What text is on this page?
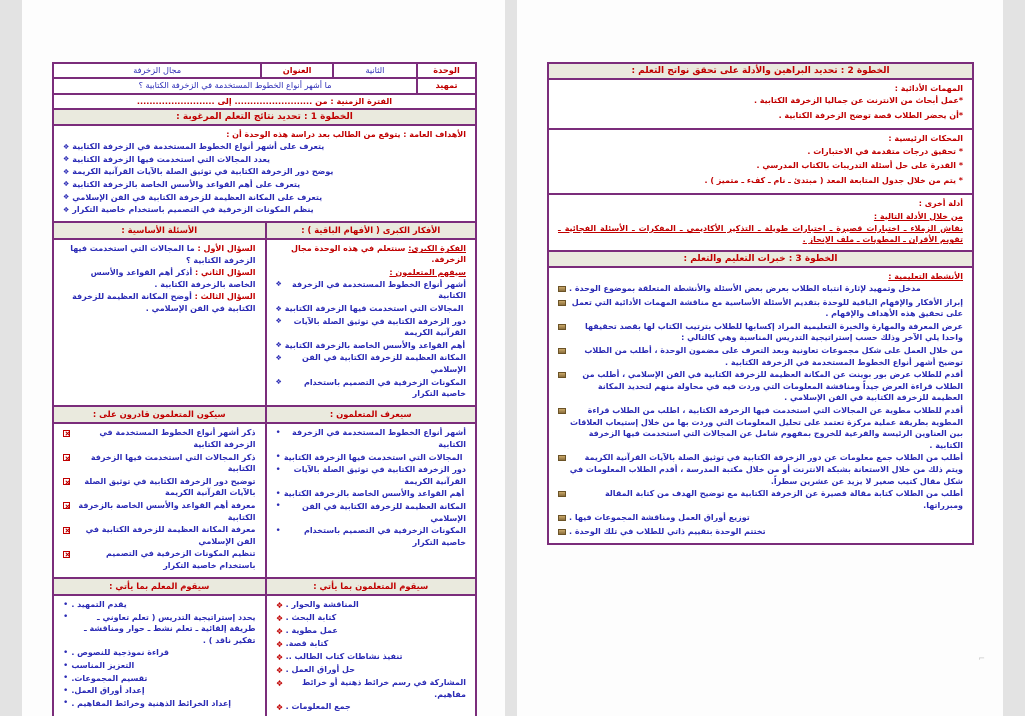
الوحدة
الثانية
العنوان
مجال الزخرفة
تمهيد
ما أشهر أنواع الخطوط المستخدمة في الزخرفة الكتابية ؟
الفترة الزمنية : من ......................... إلى .........................
الخطوة 1 : تحديد نتائج التعلم المرغوبة :
الأهداف العامة : يتوقع من الطالب بعد دراسة هذه الوحدة أن :
يتعرف على أشهر أنواع الخطوط المستخدمة في الزخرفة الكتابية
❖
يعدد المجالات التي استخدمت فيها الزخرفة الكتابية
❖
يوضح دور الزخرفة الكتابية في توثيق الصلة بالآيات القرآنية الكريمة
❖
يتعرف على أهم القواعد والأسس الخاصة بالزخرفة الكتابية
❖
يتعرف على المكانة العظيمة للزخرفة الكتابية في الفن الإسلامي
❖
ينظم المكونات الزخرفية في التصميم باستخدام خاصية التكرار
❖
الأفكار الكبرى ( الأفهام الباقية ) :
الأسئلة الأساسية :
الفكرة الكبرى: سنتعلم في هذه الوحدة مجال الزخرفة.
سيفهم المتعلمون :
أشهر أنواع الخطوط المستخدمة في الزخرفة الكتابية
❖
المجالات التي استخدمت فيها الزخرفة الكتابية
❖
دور الزخرفة الكتابية في توثيق الصلة بالآيات القرآنية الكريمة
❖
أهم القواعد والأسس الخاصة بالزخرفة الكتابية
❖
المكانة العظيمة للزخرفة الكتابية في الفن الإسلامي
❖
المكونات الزخرفية في التصميم باستخدام خاصية التكرار
❖
السؤال الأول : ما المجالات التي استخدمت فيها الزخرفة الكتابية ؟
السؤال الثاني : أذكر أهم القواعد والأسس الخاصة بالزخرفة الكتابية .
السؤال الثالث : أوضح المكانة العظيمة للزخرفة الكتابية في الفن الإسلامي .
سيعرف المتعلمون :
سيكون المتعلمون قادرون على :
أشهر أنواع الخطوط المستخدمة في الزخرفة الكتابية
•
المجالات التي استخدمت فيها الزخرفة الكتابية
•
دور الزخرفة الكتابية في توثيق الصلة بالآيات القرآنية الكريمة
•
أهم القواعد والأسس الخاصة بالزخرفة الكتابية
•
المكانة العظيمة للزخرفة الكتابية في الفن الإسلامي
•
المكونات الزخرفية في التصميم باستخدام خاصية التكرار
•
ذكر أشهر أنواع الخطوط المستخدمة في الزخرفة الكتابية
ذكر المجالات التي استخدمت فيها الزخرفة الكتابية
توضيح دور الزخرفة الكتابية في توثيق الصلة بالآيات القرآنية الكريمة
معرفة أهم القواعد والأسس الخاصة بالزخرفة الكتابية
معرفة المكانة العظيمة للزخرفة الكتابية في الفن الإسلامي
تنظيم المكونات الزخرفية في التصميم باستخدام خاصية التكرار
سيقوم المتعلمون بما يأتي :
سيقوم المعلم بما يأتي :
المناقشة والحوار .
❖
كتابة البحث .
❖
عمل مطوية .
❖
كتابة قصة.
❖
تنفيذ نشاطات كتاب الطالب ..
❖
حل أوراق العمل .
❖
المشاركة في رسم خرائط ذهنية أو خرائط مفاهيم.
❖
جمع المعلومات .
❖
يقدم التمهيد .
•
يحدد إستراتيجية التدريس ( تعلم تعاوني ـ طريقة إلقائية ـ تعلم نشط ـ حوار ومناقشة ـ تفكير ناقد ) .
•
قراءة نموذجية للنصوص .
•
التعزيز المناسب
•
تقسيم المجموعات.
•
إعداد أوراق العمل.
•
إعداد الخرائط الذهنية وخرائط المفاهيم .
•
الخطوة 2 : تحديد البراهين والأدلة على تحقق نواتج التعلم :
المهمات الأدائية :
*عمل أبحاث من الانترنت عن جماليا الزخرفة الكتابية .
*أن يحضر الطلاب قصة توضح الزخرفة الكتابية .
المحكات الرئيسية :
* تحقيق درجات متقدمة في الاختبارات .
* القدرة على حل أسئلة التدريبات بالكتاب المدرسي .
* يتم من خلال جدول المتابعة المعد ( مبتدئ ـ نام ـ كفء ـ متميز ) .
أدلة أخرى :
من خلال الأدلة التالية :
نقاش الزملاء ـ اختبارات قصيرة ـ اختبارات طويلة ـ التذكير الأكاديمي ـ المفكرات ـ الأسئلة الفجائية ـ تقويم الأقران ـ المطويات ـ ملف الإنجاز .
الخطوة 3 : خبرات التعليم والتعلم :
الأنشطة التعليمية :
مدخل وتمهيد لإثارة انتباه الطلاب بعرض بعض الأسئلة والأنشطة المتعلقة بموضوع الوحدة .
إبراز الأفكار والإفهام الباقية للوحدة بتقديم الأسئلة الأساسية مع مناقشة المهمات الأدائية التي تعمل على تحقيق هذه الأهداف والإفهام .
عرض المعرفة والمهارة والخبرة التعليمية المراد إكسابها للطلاب بترتيب الكتاب لها بقصد تحقيقها واحدا يلي الآخر وذلك حسب إستراتيجية التدريس المناسبة وهي كالتالي :
من خلال العمل على شكل مجموعات تعاونية وبعد التعرف على مضمون الوحدة ، أطلب من الطلاب توضيح أشهر أنواع الخطوط المستخدمة في الزخرفة الكتابية .
أقدم للطلاب عرض بور بوينت عن المكانة العظيمة للزخرفة الكتابية في الفن الإسلامي ، أطلب من الطلاب قراءة العرض جيداً ومناقشة المعلومات التي وردت فيه في محاولة منهم لتحديد المكانة العظيمة للزخرفة الكتابية في الفن الإسلامي .
أقدم للطلاب مطوية عن المجالات التي استخدمت فيها الزخرفة الكتابية ، اطلب من الطلاب قراءة المطوية بطريقة عملية مركزة تعتمد على تحليل المعلومات التي وردت بها من خلال إستيعاب العلاقات بين العناوين الرئيسة والفرعية للخروج بمفهوم شامل عن المجالات التي استخدمت فيها الزخرفة الكتابية .
أطلب من الطلاب جمع معلومات عن دور الزخرفة الكتابية في توثيق الصلة بالآيات القرآنية الكريمة ويتم ذلك من خلال الاستعانة بشبكة الانترنت أو من خلال مكتبة المدرسة ، أقدم الطلاب المعلومات في شكل مقال كتيب صغير لا يزيد عن عشرين سطراً.
أطلب من الطلاب كتابة مقالة قصيرة عن الزخرفة الكتابية مع توضيح الهدف من كتابة المقالة ومبرراتها.
توزيع أوراق العمل ومناقشة المجموعات فيها .
تختتم الوحدة بتقييم ذاتي للطلاب في تلك الوحدة .
⌐
